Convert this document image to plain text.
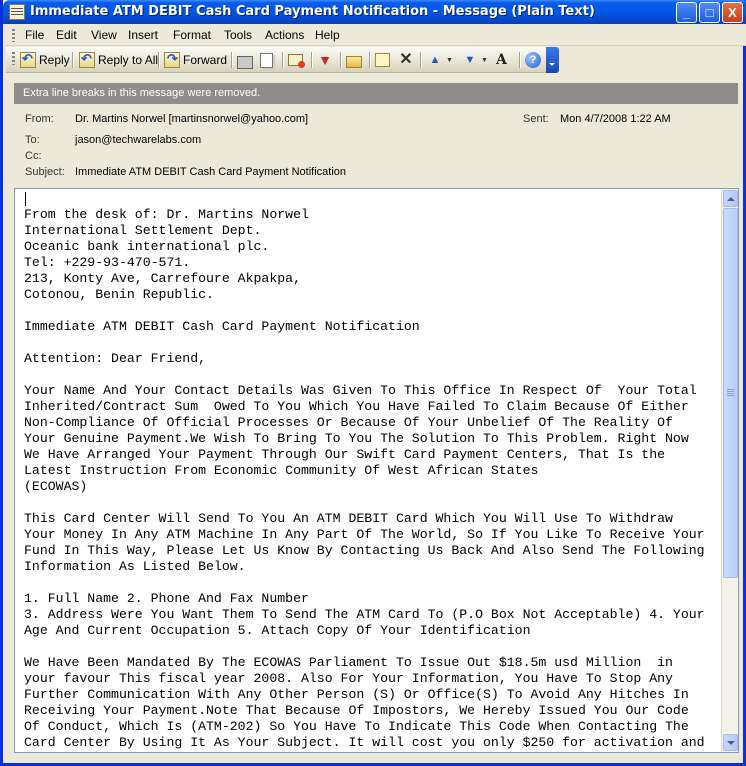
Immediate ATM DEBIT Cash Card Payment Notification - Message (Plain Text)	_	□	X
File Edit View Insert Format Tools Actions Help
↶
Reply ↶ Reply to All ↷ Forward	▼	✕ ▲ ▼ ▼ ▼ A	?
Extra line breaks in this message were removed.
From: Dr. Martins Norwel [martinsnorwel@yahoo.com]	Sent: Mon 4/7/2008 1:22 AM
To:	jason@techwarelabs.com
Cc:
Subject: Immediate ATM DEBIT Cash Card Payment Notification
From the desk of: Dr. Martins Norwel
International Settlement Dept.
Oceanic bank international plc.
Tel: +229-93-470-571.
213, Konty Ave, Carrefoure Akpakpa,
Cotonou, Benin Republic.

Immediate ATM DEBIT Cash Card Payment Notification

Attention: Dear Friend,

Your Name And Your Contact Details Was Given To This Office In Respect Of  Your Total
Inherited/Contract Sum  Owed To You Which You Have Failed To Claim Because Of Either
Non-Compliance Of Official Processes Or Because Of Your Unbelief Of The Reality Of
Your Genuine Payment.We Wish To Bring To You The Solution To This Problem. Right Now
We Have Arranged Your Payment Through Our Swift Card Payment Centers, That Is the
Latest Instruction From Economic Community Of West African States
(ECOWAS)

This Card Center Will Send To You An ATM DEBIT Card Which You Will Use To Withdraw
Your Money In Any ATM Machine In Any Part Of The World, So If You Like To Receive Your
Fund In This Way, Please Let Us Know By Contacting Us Back And Also Send The Following
Information As Listed Below.

1. Full Name 2. Phone And Fax Number
3. Address Were You Want Them To Send The ATM Card To (P.O Box Not Acceptable) 4. Your
Age And Current Occupation 5. Attach Copy Of Your Identification

We Have Been Mandated By The ECOWAS Parliament To Issue Out $18.5m usd Million  in
your favour This fiscal year 2008. Also For Your Information, You Have To Stop Any
Further Communication With Any Other Person (S) Or Office(S) To Avoid Any Hitches In
Receiving Your Payment.Note That Because Of Impostors, We Hereby Issued You Our Code
Of Conduct, Which Is (ATM-202) So You Have To Indicate This Code When Contacting The
Card Center By Using It As Your Subject. It will cost you only $250 for activation and
